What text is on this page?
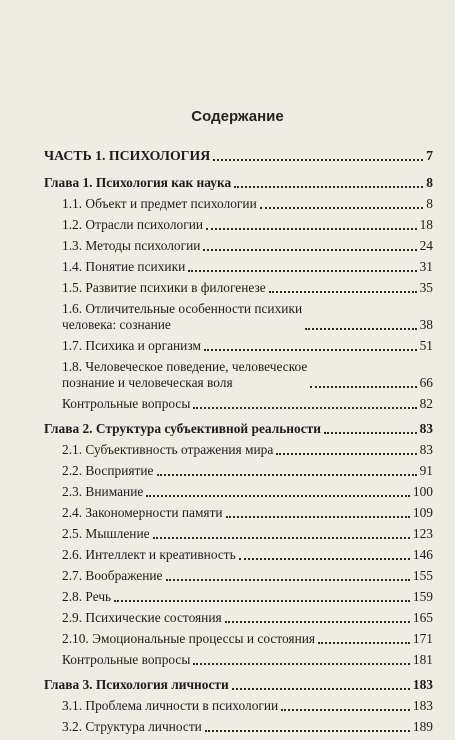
Содержание
ЧАСТЬ 1. ПСИХОЛОГИЯ	7
Глава 1. Психология как наука	8
1.1. Объект и предмет психологии	8
1.2. Отрасли психологии	18
1.3. Методы психологии	24
1.4. Понятие психики	31
1.5. Развитие психики в филогенезе	35
1.6. Отличительные особенности психики
человека: сознание	38
1.7. Психика и организм	51
1.8. Человеческое поведение, человеческое
познание и человеческая воля	66
Контрольные вопросы	82
Глава 2. Структура субъективной реальности	83
2.1. Субъективность отражения мира	83
2.2. Восприятие	91
2.3. Внимание	100
2.4. Закономерности памяти	109
2.5. Мышление	123
2.6. Интеллект и креативность	146
2.7. Воображение	155
2.8. Речь	159
2.9. Психические состояния	165
2.10. Эмоциональные процессы и состояния	171
Контрольные вопросы	181
Глава 3. Психология личности	183
3.1. Проблема личности в психологии	183
3.2. Структура личности	189
